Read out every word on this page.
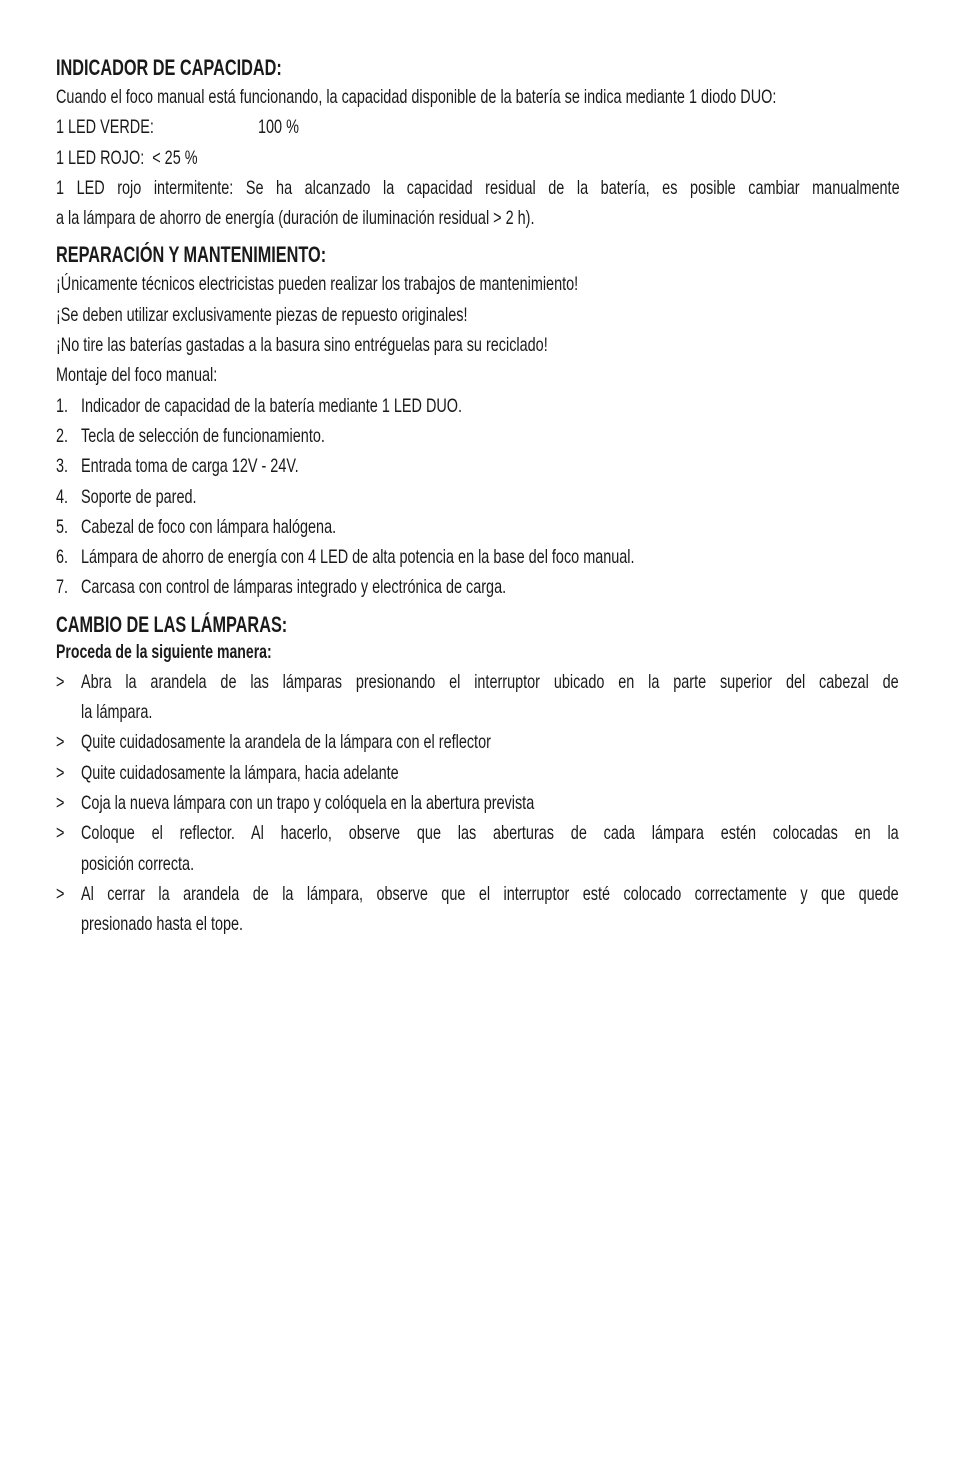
INDICADOR DE CAPACIDAD:
Cuando el foco manual está funcionando, la capacidad disponible de la batería se indica mediante 1 diodo DUO:
1 LED VERDE:	100 %
1 LED ROJO: < 25 %
1 LED rojo intermitente: Se ha alcanzado la capacidad residual de la batería, es posible cambiar manualmente
a la lámpara de ahorro de energía (duración de iluminación residual > 2 h).
REPARACIÓN Y MANTENIMIENTO:
¡Únicamente técnicos electricistas pueden realizar los trabajos de mantenimiento!
¡Se deben utilizar exclusivamente piezas de repuesto originales!
¡No tire las baterías gastadas a la basura sino entréguelas para su reciclado!
Montaje del foco manual:
1. Indicador de capacidad de la batería mediante 1 LED DUO.
2. Tecla de selección de funcionamiento.
3. Entrada toma de carga 12V - 24V.
4. Soporte de pared.
5. Cabezal de foco con lámpara halógena.
6. Lámpara de ahorro de energía con 4 LED de alta potencia en la base del foco manual.
7. Carcasa con control de lámparas integrado y electrónica de carga.
CAMBIO DE LAS LÁMPARAS:
Proceda de la siguiente manera:
> Abra la arandela de las lámparas presionando el interruptor ubicado en la parte superior del cabezal de
la lámpara.
> Quite cuidadosamente la arandela de la lámpara con el reflector
> Quite cuidadosamente la lámpara, hacia adelante
> Coja la nueva lámpara con un trapo y colóquela en la abertura prevista
> Coloque el reflector. Al hacerlo, observe que las aberturas de cada lámpara estén colocadas en la
posición correcta.
> Al cerrar la arandela de la lámpara, observe que el interruptor esté colocado correctamente y que quede
presionado hasta el tope.
